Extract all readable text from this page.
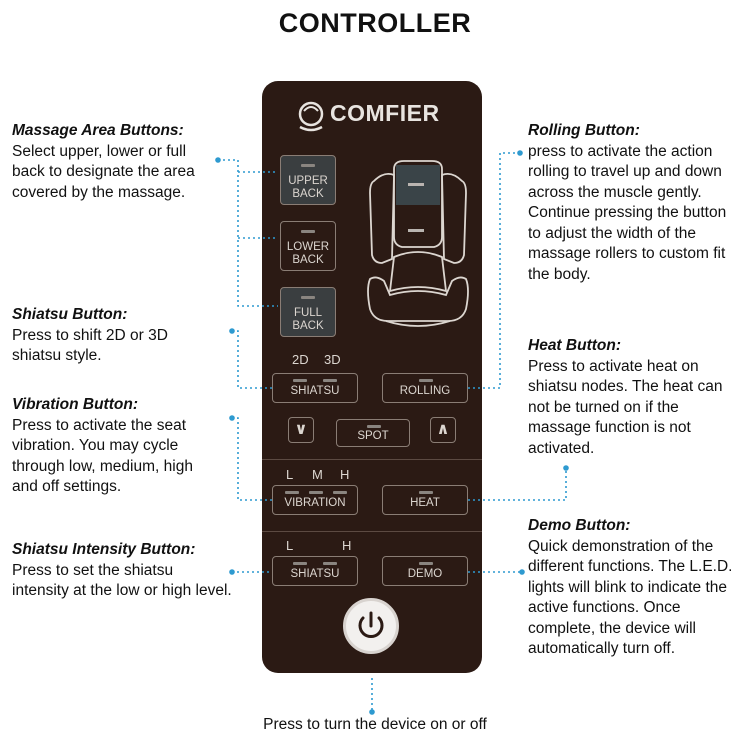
CONTROLLER
Massage Area Buttons:
Select upper, lower or full back to designate the area covered by the massage.
Shiatsu Button:
Press to shift 2D or 3D shiatsu style.
Vibration Button:
Press to activate the seat vibration. You may cycle through low, medium, high and off settings.
Shiatsu Intensity Button:
Press to set the shiatsu intensity at the low or high level.
Rolling Button:
press to activate the action rolling to travel up and down across the muscle gently. Continue pressing the button to adjust the width of the massage rollers to custom fit the body.
Heat Button:
Press to activate heat on shiatsu nodes. The heat can not be turned on if the massage function is not activated.
Demo Button:
Quick demonstration of the different functions. The L.E.D. lights will blink to indicate the active functions. Once complete, the device will automatically turn off.
Press to turn the device on or off
COMFIER
UPPER
BACK
LOWER
BACK
FULL
BACK
2D 3D
SHIATSU	ROLLING
∨	SPOT	∧
L M H
VIBRATION	HEAT
L	H
SHIATSU	DEMO
